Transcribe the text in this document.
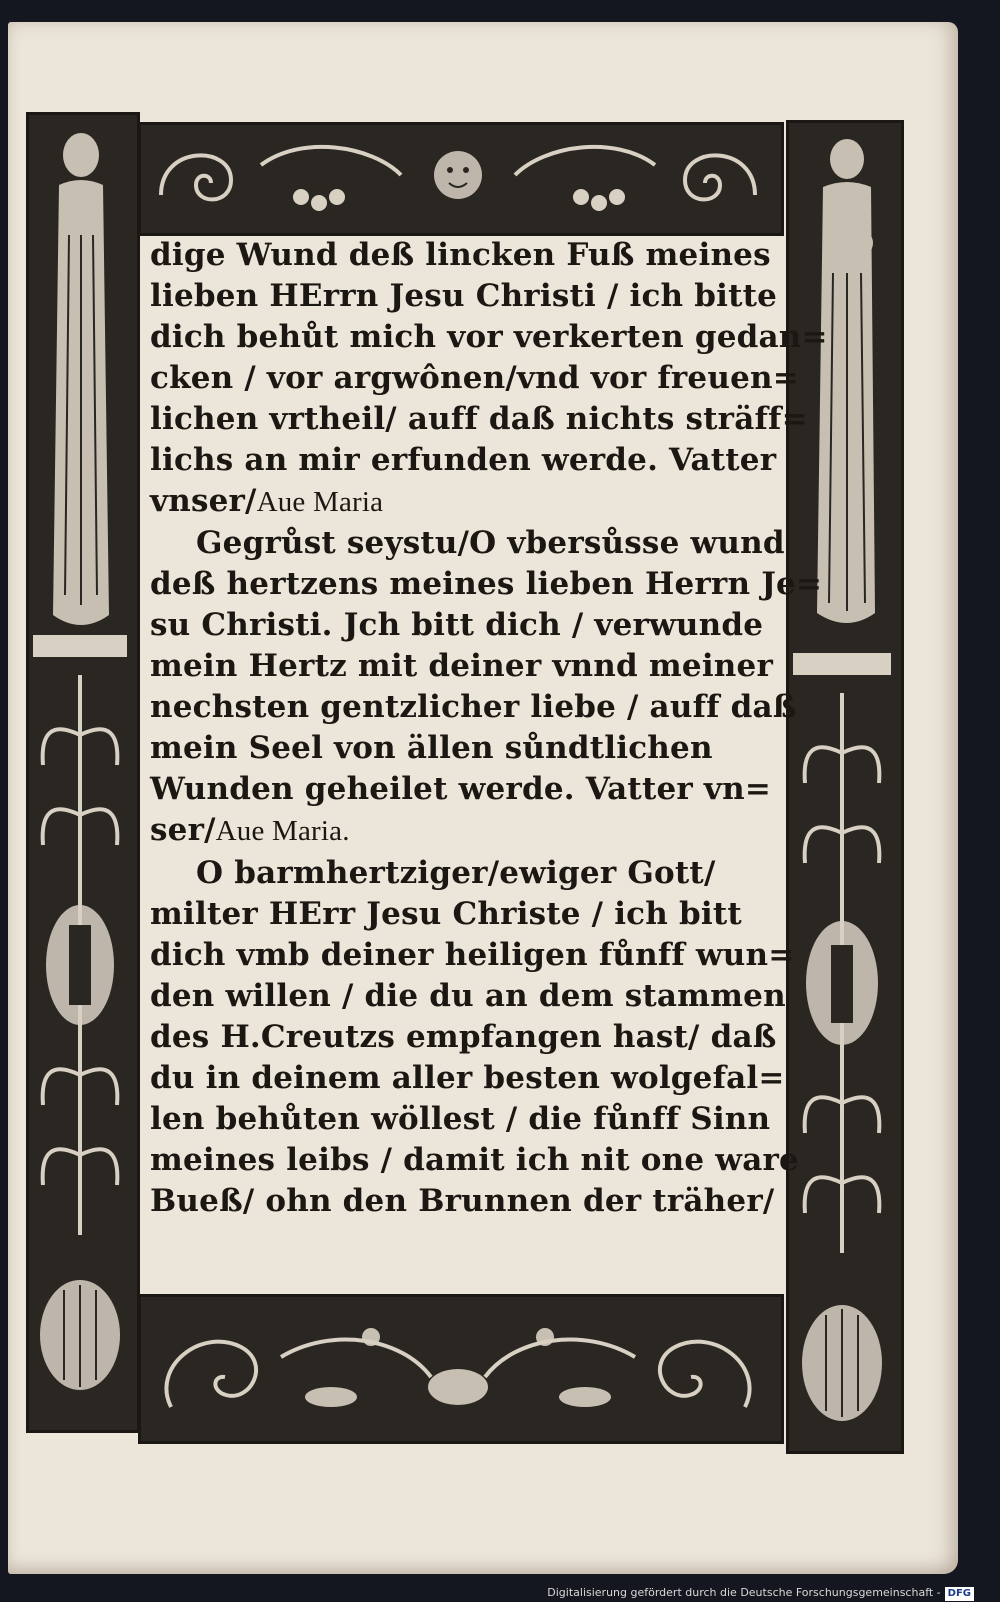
dige Wund deß lincken Fuß meines
lieben HErrn Jesu Christi / ich bitte
dich behůt mich vor verkerten gedan=
cken / vor argwônen/vnd vor freuen=
lichen vrtheil/ auff daß nichts sträff=
lichs an mir erfunden werde. Vatter
vnser/Aue Maria
Gegrůst seystu/O vbersůsse wund
deß hertzens meines lieben Herrn Je=
su Christi. Jch bitt dich / verwunde
mein Hertz mit deiner vnnd meiner
nechsten gentzlicher liebe / auff daß
mein Seel von ällen sůndtlichen
Wunden geheilet werde. Vatter vn=
ser/Aue Maria.
O barmhertziger/ewiger Gott/
milter HErr Jesu Christe / ich bitt
dich vmb deiner heiligen fůnff wun=
den willen / die du an dem stammen
des H.Creutzs empfangen hast/ daß
du in deinem aller besten wolgefal=
len behůten wöllest / die fůnff Sinn
meines leibs / damit ich nit one ware
Bueß/ ohn den Brunnen der träher/
Digitalisierung gefördert durch die Deutsche Forschungsgemeinschaft - DFG
